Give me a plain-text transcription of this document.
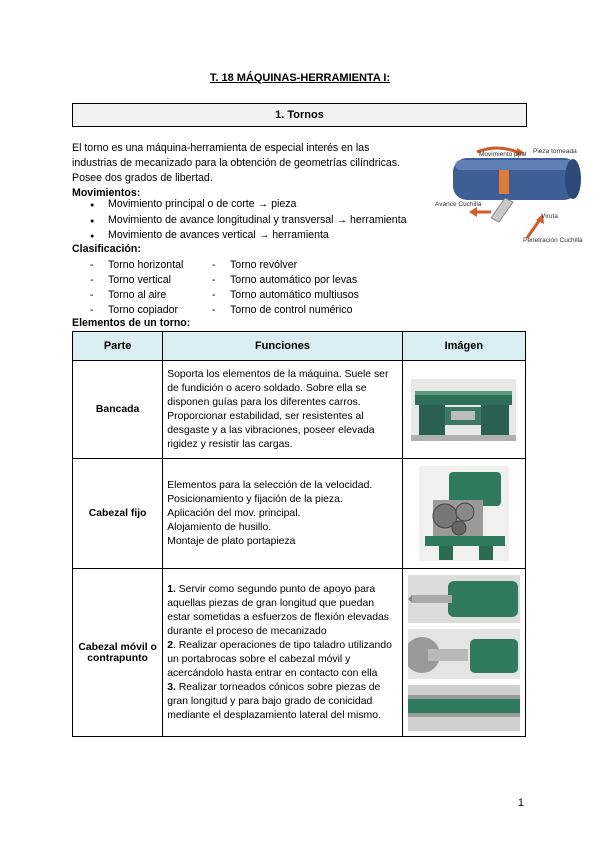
T. 18 MÁQUINAS-HERRAMIENTA I:
1. Tornos
El torno es una máquina-herramienta de especial interés en las
industrias de mecanizado para la obtención de geometrías cilíndricas.
Posee dos grados de libertad.
Movimientos:
Movimiento ppal Pieza torneada
Avance Cuchilla
Viruta
Penetración Cuchilla
● Movimiento principal o de corte → pieza
● Movimiento de avance longitudinal y transversal → herramienta
● Movimiento de avances vertical → herramienta
Clasificación:
- Torno horizontal
- Torno vertical
- Torno al aire
- Torno copiador
- Torno revólver
- Torno automático por levas
- Torno automático multiusos
- Torno de control numérico
Elementos de un torno:
Parte	Funciones	Imágen
Bancada	Soporta los elementos de la máquina. Suele ser de fundición o acero soldado. Sobre ella se disponen guías para los diferentes carros. Proporcionar estabilidad, ser resistentes al desgaste y a las vibraciones, poseer elevada rigidez y resistir las cargas.	

Cabezal fijo	Elementos para la selección de la velocidad.
Posicionamiento y fijación de la pieza.
Aplicación del mov. principal.
Alojamiento de husillo.
Montaje de plato portapieza

Cabezal móvil o contrapunto	1. Servir como segundo punto de apoyo para aquellas piezas de gran longitud que puedan estar sometidas a esfuerzos de flexión elevadas durante el proceso de mecanizado
2. Realizar operaciones de tipo taladro utilizando un portabrocas sobre el cabezal móvil y acercándolo hasta entrar en contacto con ella
3. Realizar torneados cónicos sobre piezas de gran longitud y para bajo grado de conicidad mediante el desplazamiento lateral del mismo.

1
